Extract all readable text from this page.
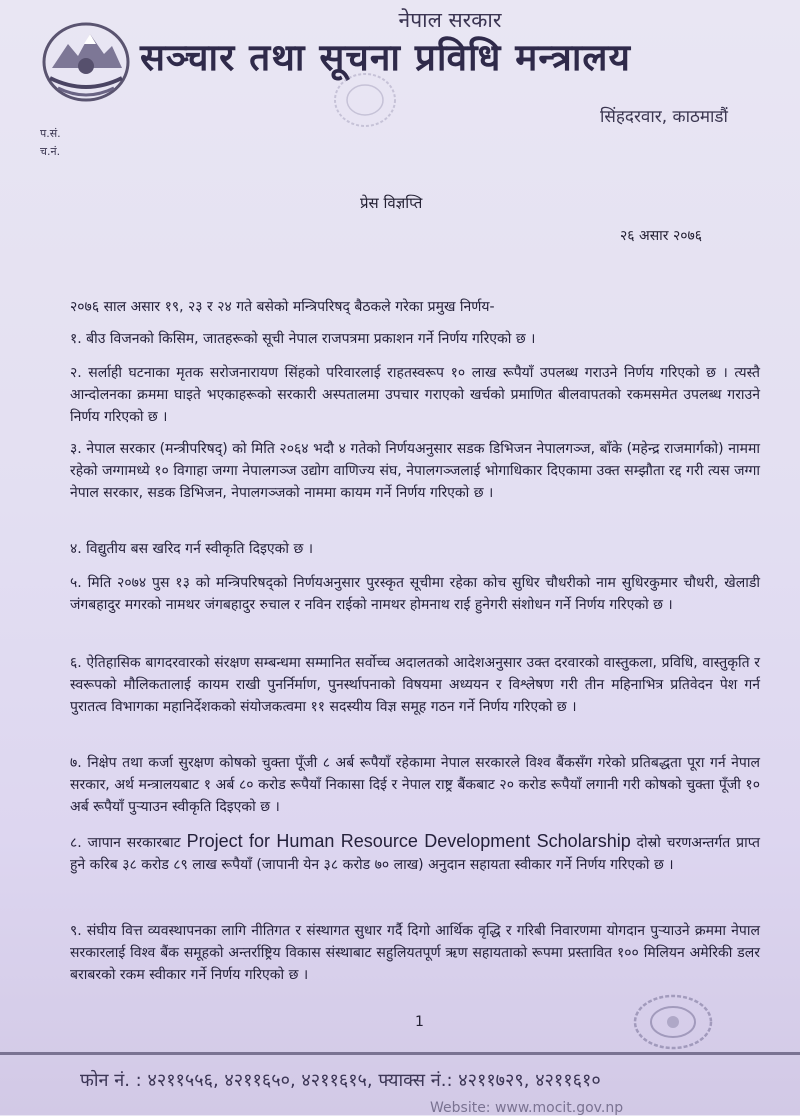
नेपाल सरकार
सञ्चार तथा सूचना प्रविधि मन्त्रालय
सिंहदरवार, काठमाडौं
प.सं.
च.नं.
प्रेस विज्ञप्ति
२६ असार २०७६
२०७६ साल असार १९, २३ र २४ गते बसेको मन्त्रिपरिषद् बैठकले गरेका प्रमुख निर्णय-
१. बीउ विजनको किसिम, जातहरूको सूची नेपाल राजपत्रमा प्रकाशन गर्ने निर्णय गरिएको छ ।
२. सर्लाही घटनाका मृतक सरोजनारायण सिंहको परिवारलाई राहतस्वरूप १० लाख रूपैयाँ उपलब्ध गराउने निर्णय गरिएको छ । त्यस्तै आन्दोलनका क्रममा घाइते भएकाहरूको सरकारी अस्पतालमा उपचार गराएको खर्चको प्रमाणित बीलवापतको रकमसमेत उपलब्ध गराउने निर्णय गरिएको छ ।
३. नेपाल सरकार (मन्त्रीपरिषद्) को मिति २०६४ भदौ ४ गतेको निर्णयअनुसार सडक डिभिजन नेपालगञ्ज, बाँके (महेन्द्र राजमार्गको) नाममा रहेको जग्गामध्ये १० विगाहा जग्गा नेपालगञ्ज उद्योग वाणिज्य संघ, नेपालगञ्जलाई भोगाधिकार दिएकामा उक्त सम्झौता रद्द गरी त्यस जग्गा नेपाल सरकार, सडक डिभिजन, नेपालगञ्जको नाममा कायम गर्ने निर्णय गरिएको छ ।
४. विद्युतीय बस खरिद गर्न स्वीकृति दिइएको छ ।
५. मिति २०७४ पुस १३ को मन्त्रिपरिषद्को निर्णयअनुसार पुरस्कृत सूचीमा रहेका कोच सुधिर चौधरीको नाम सुधिरकुमार चौधरी, खेलाडी जंगबहादुर मगरको नामथर जंगबहादुर रुचाल र नविन राईको नामथर होमनाथ राई हुनेगरी संशोधन गर्ने निर्णय गरिएको छ ।
६. ऐतिहासिक बागदरवारको संरक्षण सम्बन्धमा सम्मानित सर्वोच्च अदालतको आदेशअनुसार उक्त दरवारको वास्तुकला, प्रविधि, वास्तुकृति र स्वरूपको मौलिकतालाई कायम राखी पुनर्निर्माण, पुनर्स्थापनाको विषयमा अध्ययन र विश्लेषण गरी तीन महिनाभित्र प्रतिवेदन पेश गर्न पुरातत्व विभागका महानिर्देशकको संयोजकत्वमा ११ सदस्यीय विज्ञ समूह गठन गर्ने निर्णय गरिएको छ ।
७. निक्षेप तथा कर्जा सुरक्षण कोषको चुक्ता पूँजी ८ अर्ब रूपैयाँ रहेकामा नेपाल सरकारले विश्व बैंकसँग गरेको प्रतिबद्धता पूरा गर्न नेपाल सरकार, अर्थ मन्त्रालयबाट १ अर्ब ८० करोड रूपैयाँ निकासा दिई र नेपाल राष्ट्र बैंकबाट २० करोड रूपैयाँ लगानी गरी कोषको चुक्ता पूँजी १० अर्ब रूपैयाँ पुऱ्याउन स्वीकृति दिइएको छ ।
८. जापान सरकारबाट Project for Human Resource Development Scholarship दोस्रो चरणअन्तर्गत प्राप्त हुने करिब ३८ करोड ८९ लाख रूपैयाँ (जापानी येन ३८ करोड ७० लाख) अनुदान सहायता स्वीकार गर्ने निर्णय गरिएको छ ।
९. संघीय वित्त व्यवस्थापनका लागि नीतिगत र संस्थागत सुधार गर्दै दिगो आर्थिक वृद्धि र गरिबी निवारणमा योगदान पुऱ्याउने क्रममा नेपाल सरकारलाई विश्व बैंक समूहको अन्तर्राष्ट्रिय विकास संस्थाबाट सहुलियतपूर्ण ऋण सहायताको रूपमा प्रस्तावित १०० मिलियन अमेरिकी डलर बराबरको रकम स्वीकार गर्ने निर्णय गरिएको छ ।
1
फोन नं. : ४२११५५६, ४२११६५०, ४२११६१५, फ्याक्स नं.: ४२११७२९, ४२११६१०
Website: www.mocit.gov.np
